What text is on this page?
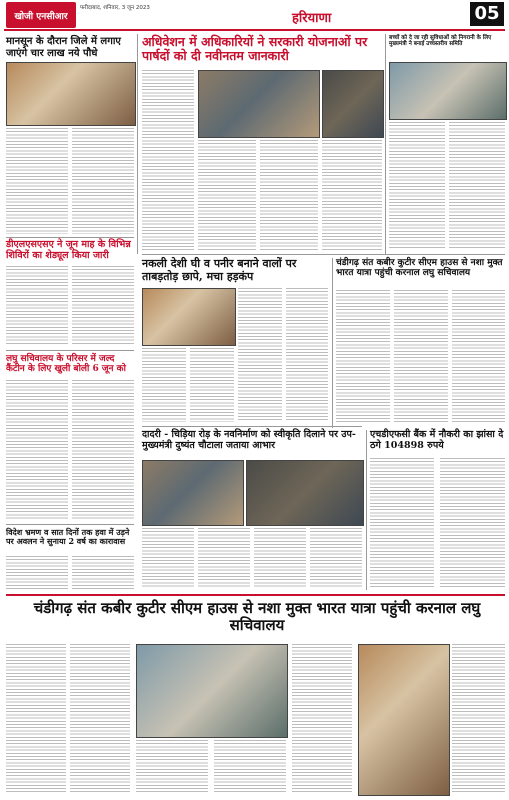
खोजी एनसीआर
फरीदाबाद, शनिवार, 3 जून 2023
हरियाणा	05
मानसून के दौरान जिले में लगाए जाएंगे चार लाख नये पौधे
डीएलएसएसए ने जून माह के विभिन्न शिविरों का शेड्यूल किया जारी
अधिवेशन में अधिकारियों ने सरकारी योजनाओं पर पार्षदों को दी नवीनतम जानकारी
बच्चों को दे जा रही सुविधाओं को निगरानी के लिए मुख्यमंत्री ने बनाई उच्चस्तरीय समिति
नकली देशी घी व पनीर बनाने वालों पर ताबड़तोड़ छापे, मचा हड़कंप
चंडीगढ़ संत कबीर कुटीर सीएम हाउस से नशा मुक्त भारत यात्रा पहुंची करनाल लघु सचिवालय
लघु सचिवालय के परिसर में जल्द कैंटीन के लिए खुली बोली 6 जून को
दादरी - चिड़िया रोड़ के नवनिर्माण को स्वीकृति दिलाने पर उप-मुख्यमंत्री दुष्यंत चौटाला जताया आभार
एचडीएफसी बैंक में नौकरी का झांसा दे ठगे 104898 रुपये
विदेश भ्रमण व सात दिनों तक हवा में उड़ने पर अवलन ने सुनाया 2 वर्ष का कारावास
चंडीगढ़ संत कबीर कुटीर सीएम हाउस से नशा मुक्त भारत यात्रा पहुंची करनाल लघु सचिवालय
